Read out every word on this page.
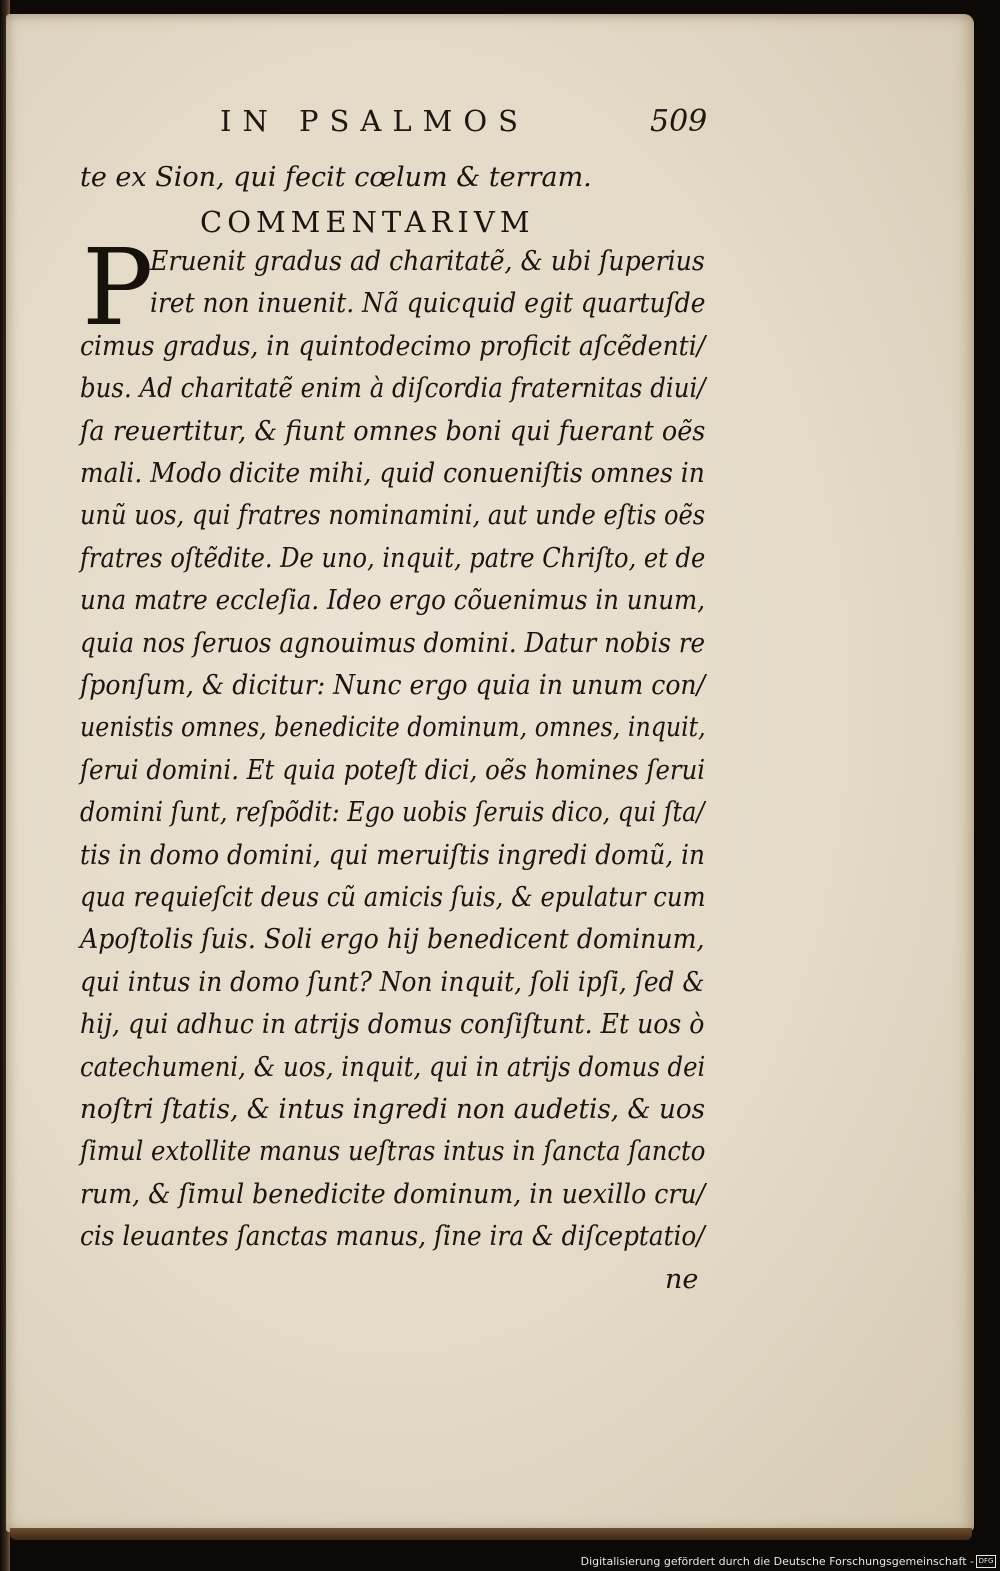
IN PSALMOS	509
te ex Sion, qui fecit cœlum & terram.
COMMENTARIVM
P
Eruenit gradus ad charitatẽ, & ubi ſuperius
iret non inuenit. Nã quicquid egit quartuſde
cimus gradus, in quintodecimo proficit aſcẽdenti/
bus. Ad charitatẽ enim à diſcordia fraternitas diui/
ſa reuertitur, & fiunt omnes boni qui fuerant oẽs
mali. Modo dicite mihi, quid conueniſtis omnes in
unũ uos, qui fratres nominamini, aut unde eſtis oẽs
fratres oſtẽdite. De uno, inquit, patre Chriſto, et de
una matre eccleſia. Ideo ergo cõuenimus in unum,
quia nos ſeruos agnouimus domini. Datur nobis re
ſponſum, & dicitur: Nunc ergo quia in unum con/
uenistis omnes, benedicite dominum, omnes, inquit,
ſerui domini. Et quia poteſt dici, oẽs homines ſerui
domini ſunt, reſpõdit: Ego uobis ſeruis dico, qui ſta/
tis in domo domini, qui meruiſtis ingredi domũ, in
qua requieſcit deus cũ amicis ſuis, & epulatur cum
Apoſtolis ſuis. Soli ergo hij benedicent dominum,
qui intus in domo ſunt? Non inquit, ſoli ipſi, ſed &
hij, qui adhuc in atrijs domus conſiſtunt. Et uos ò
catechumeni, & uos, inquit, qui in atrijs domus dei
noſtri ſtatis, & intus ingredi non audetis, & uos
ſimul extollite manus ueſtras intus in ſancta ſancto
rum, & ſimul benedicite dominum, in uexillo cru/
cis leuantes ſanctas manus, ſine ira & diſceptatio/
ne
Digitalisierung gefördert durch die Deutsche Forschungsgemeinschaft - DFG
